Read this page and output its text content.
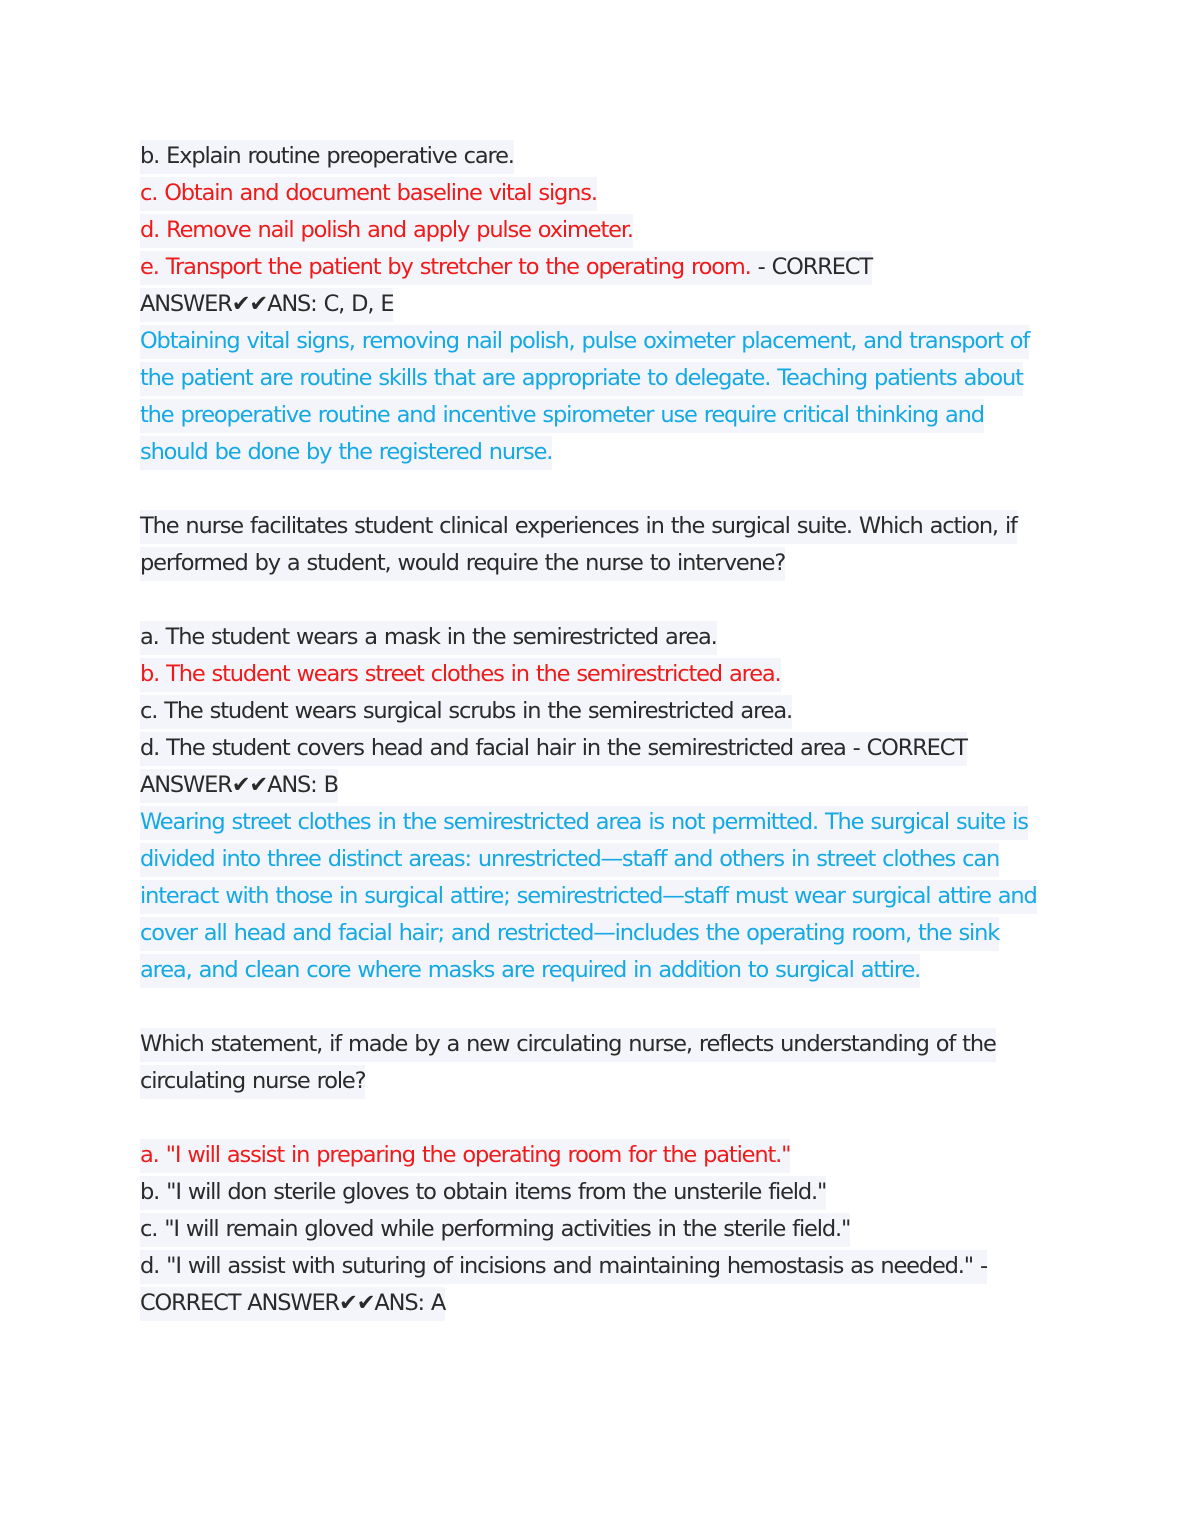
b. Explain routine preoperative care.
c. Obtain and document baseline vital signs.
d. Remove nail polish and apply pulse oximeter.
e. Transport the patient by stretcher to the operating room. - CORRECT ANSWER✔✔ANS: C, D, E
Obtaining vital signs, removing nail polish, pulse oximeter placement, and transport of the patient are routine skills that are appropriate to delegate. Teaching patients about the preoperative routine and incentive spirometer use require critical thinking and should be done by the registered nurse.
The nurse facilitates student clinical experiences in the surgical suite. Which action, if performed by a student, would require the nurse to intervene?
a. The student wears a mask in the semirestricted area.
b. The student wears street clothes in the semirestricted area.
c. The student wears surgical scrubs in the semirestricted area.
d. The student covers head and facial hair in the semirestricted area - CORRECT ANSWER✔✔ANS: B
Wearing street clothes in the semirestricted area is not permitted. The surgical suite is divided into three distinct areas: unrestricted—staff and others in street clothes can interact with those in surgical attire; semirestricted—staff must wear surgical attire and cover all head and facial hair; and restricted—includes the operating room, the sink area, and clean core where masks are required in addition to surgical attire.
Which statement, if made by a new circulating nurse, reflects understanding of the circulating nurse role?
a. "I will assist in preparing the operating room for the patient."
b. "I will don sterile gloves to obtain items from the unsterile field."
c. "I will remain gloved while performing activities in the sterile field."
d. "I will assist with suturing of incisions and maintaining hemostasis as needed." - CORRECT ANSWER✔✔ANS: A
